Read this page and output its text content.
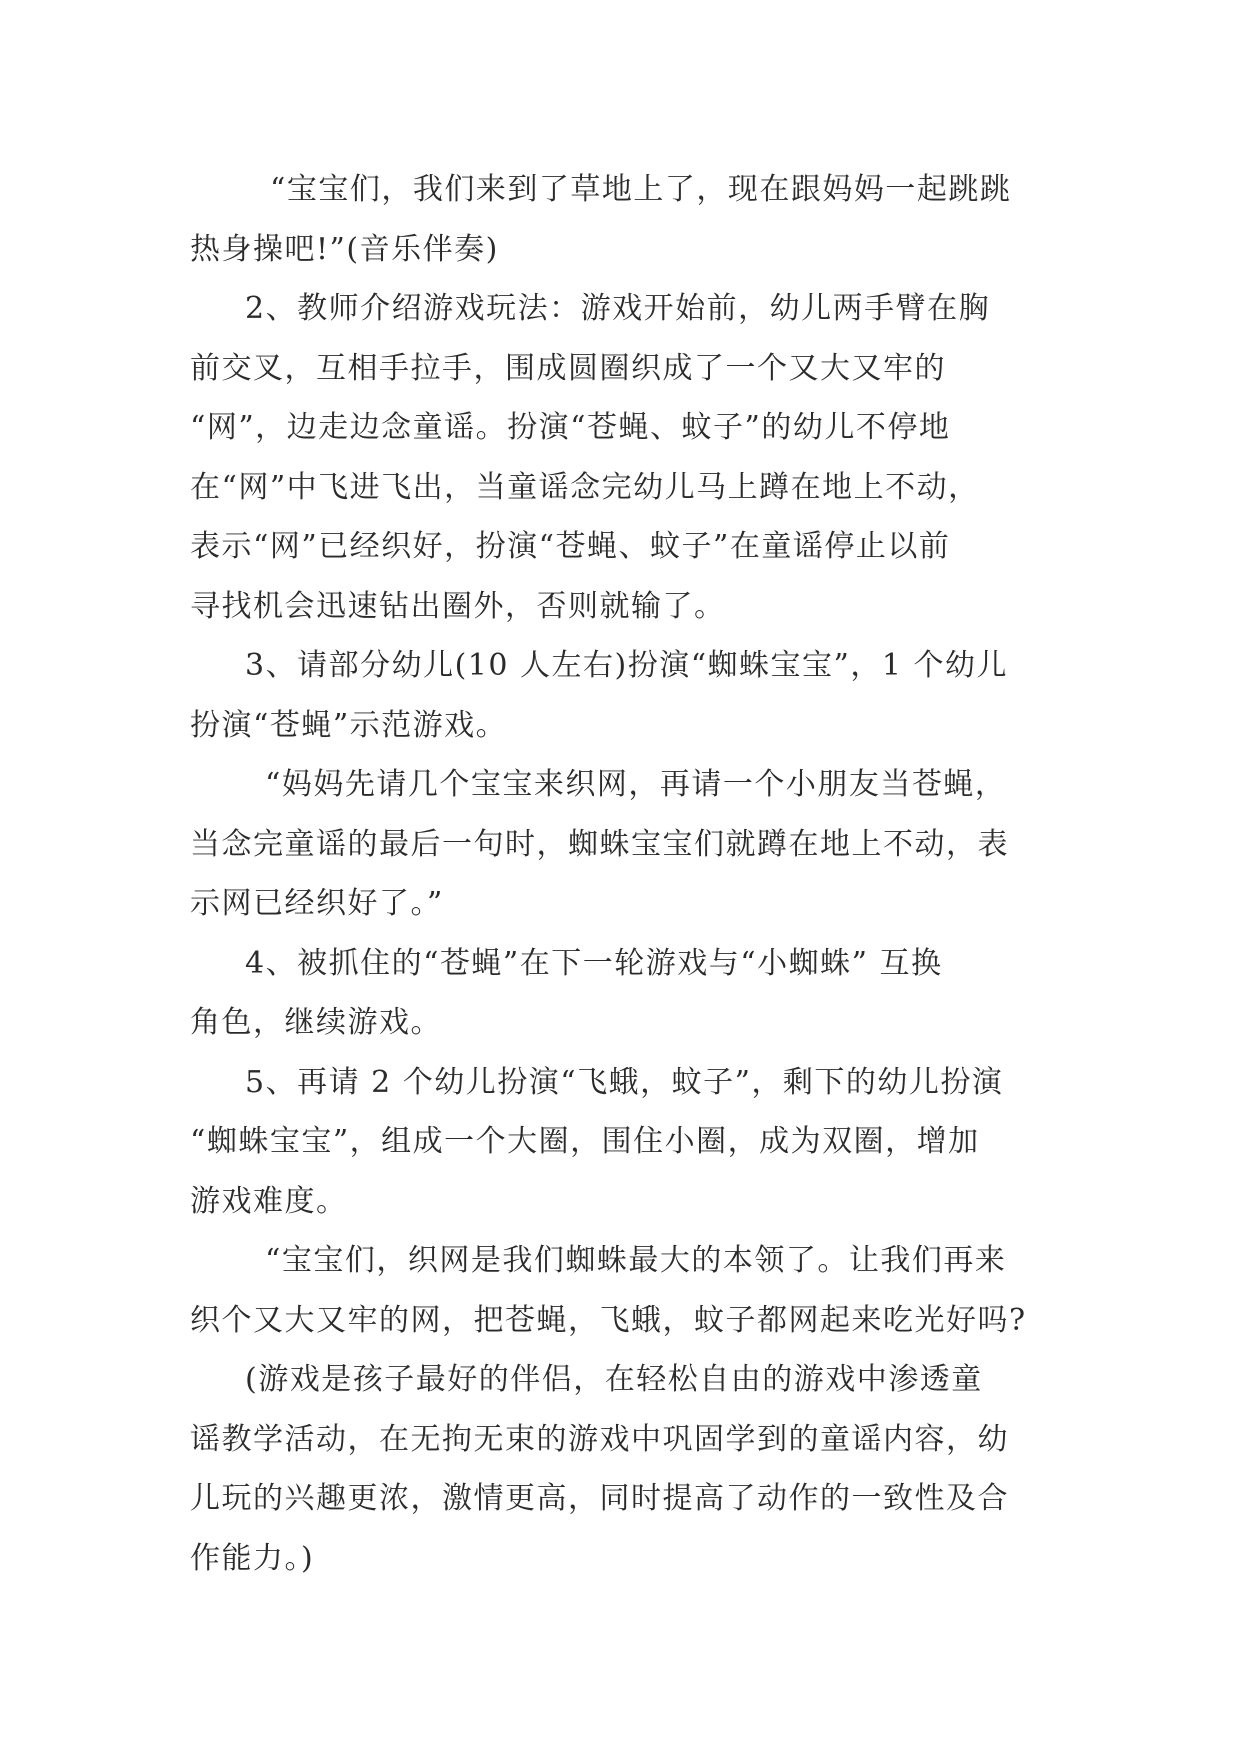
“宝宝们，我们来到了草地上了，现在跟妈妈一起跳跳
热身操吧!”(音乐伴奏)
2、教师介绍游戏玩法：游戏开始前，幼儿两手臂在胸
前交叉，互相手拉手，围成圆圈织成了一个又大又牢的
“网”，边走边念童谣。扮演“苍蝇、蚊子”的幼儿不停地
在“网”中飞进飞出，当童谣念完幼儿马上蹲在地上不动，
表示“网”已经织好，扮演“苍蝇、蚊子”在童谣停止以前
寻找机会迅速钻出圈外，否则就输了。
3、请部分幼儿(10 人左右)扮演“蜘蛛宝宝”，1 个幼儿
扮演“苍蝇”示范游戏。
“妈妈先请几个宝宝来织网，再请一个小朋友当苍蝇，
当念完童谣的最后一句时，蜘蛛宝宝们就蹲在地上不动，表
示网已经织好了。”
4、被抓住的“苍蝇”在下一轮游戏与“小蜘蛛” 互换
角色，继续游戏。
5、再请 2 个幼儿扮演“飞蛾，蚊子”，剩下的幼儿扮演
“蜘蛛宝宝”，组成一个大圈，围住小圈，成为双圈，增加
游戏难度。
“宝宝们，织网是我们蜘蛛最大的本领了。让我们再来
织个又大又牢的网，把苍蝇，飞蛾，蚊子都网起来吃光好吗?
(游戏是孩子最好的伴侣，在轻松自由的游戏中渗透童
谣教学活动，在无拘无束的游戏中巩固学到的童谣内容，幼
儿玩的兴趣更浓，激情更高，同时提高了动作的一致性及合
作能力。)
